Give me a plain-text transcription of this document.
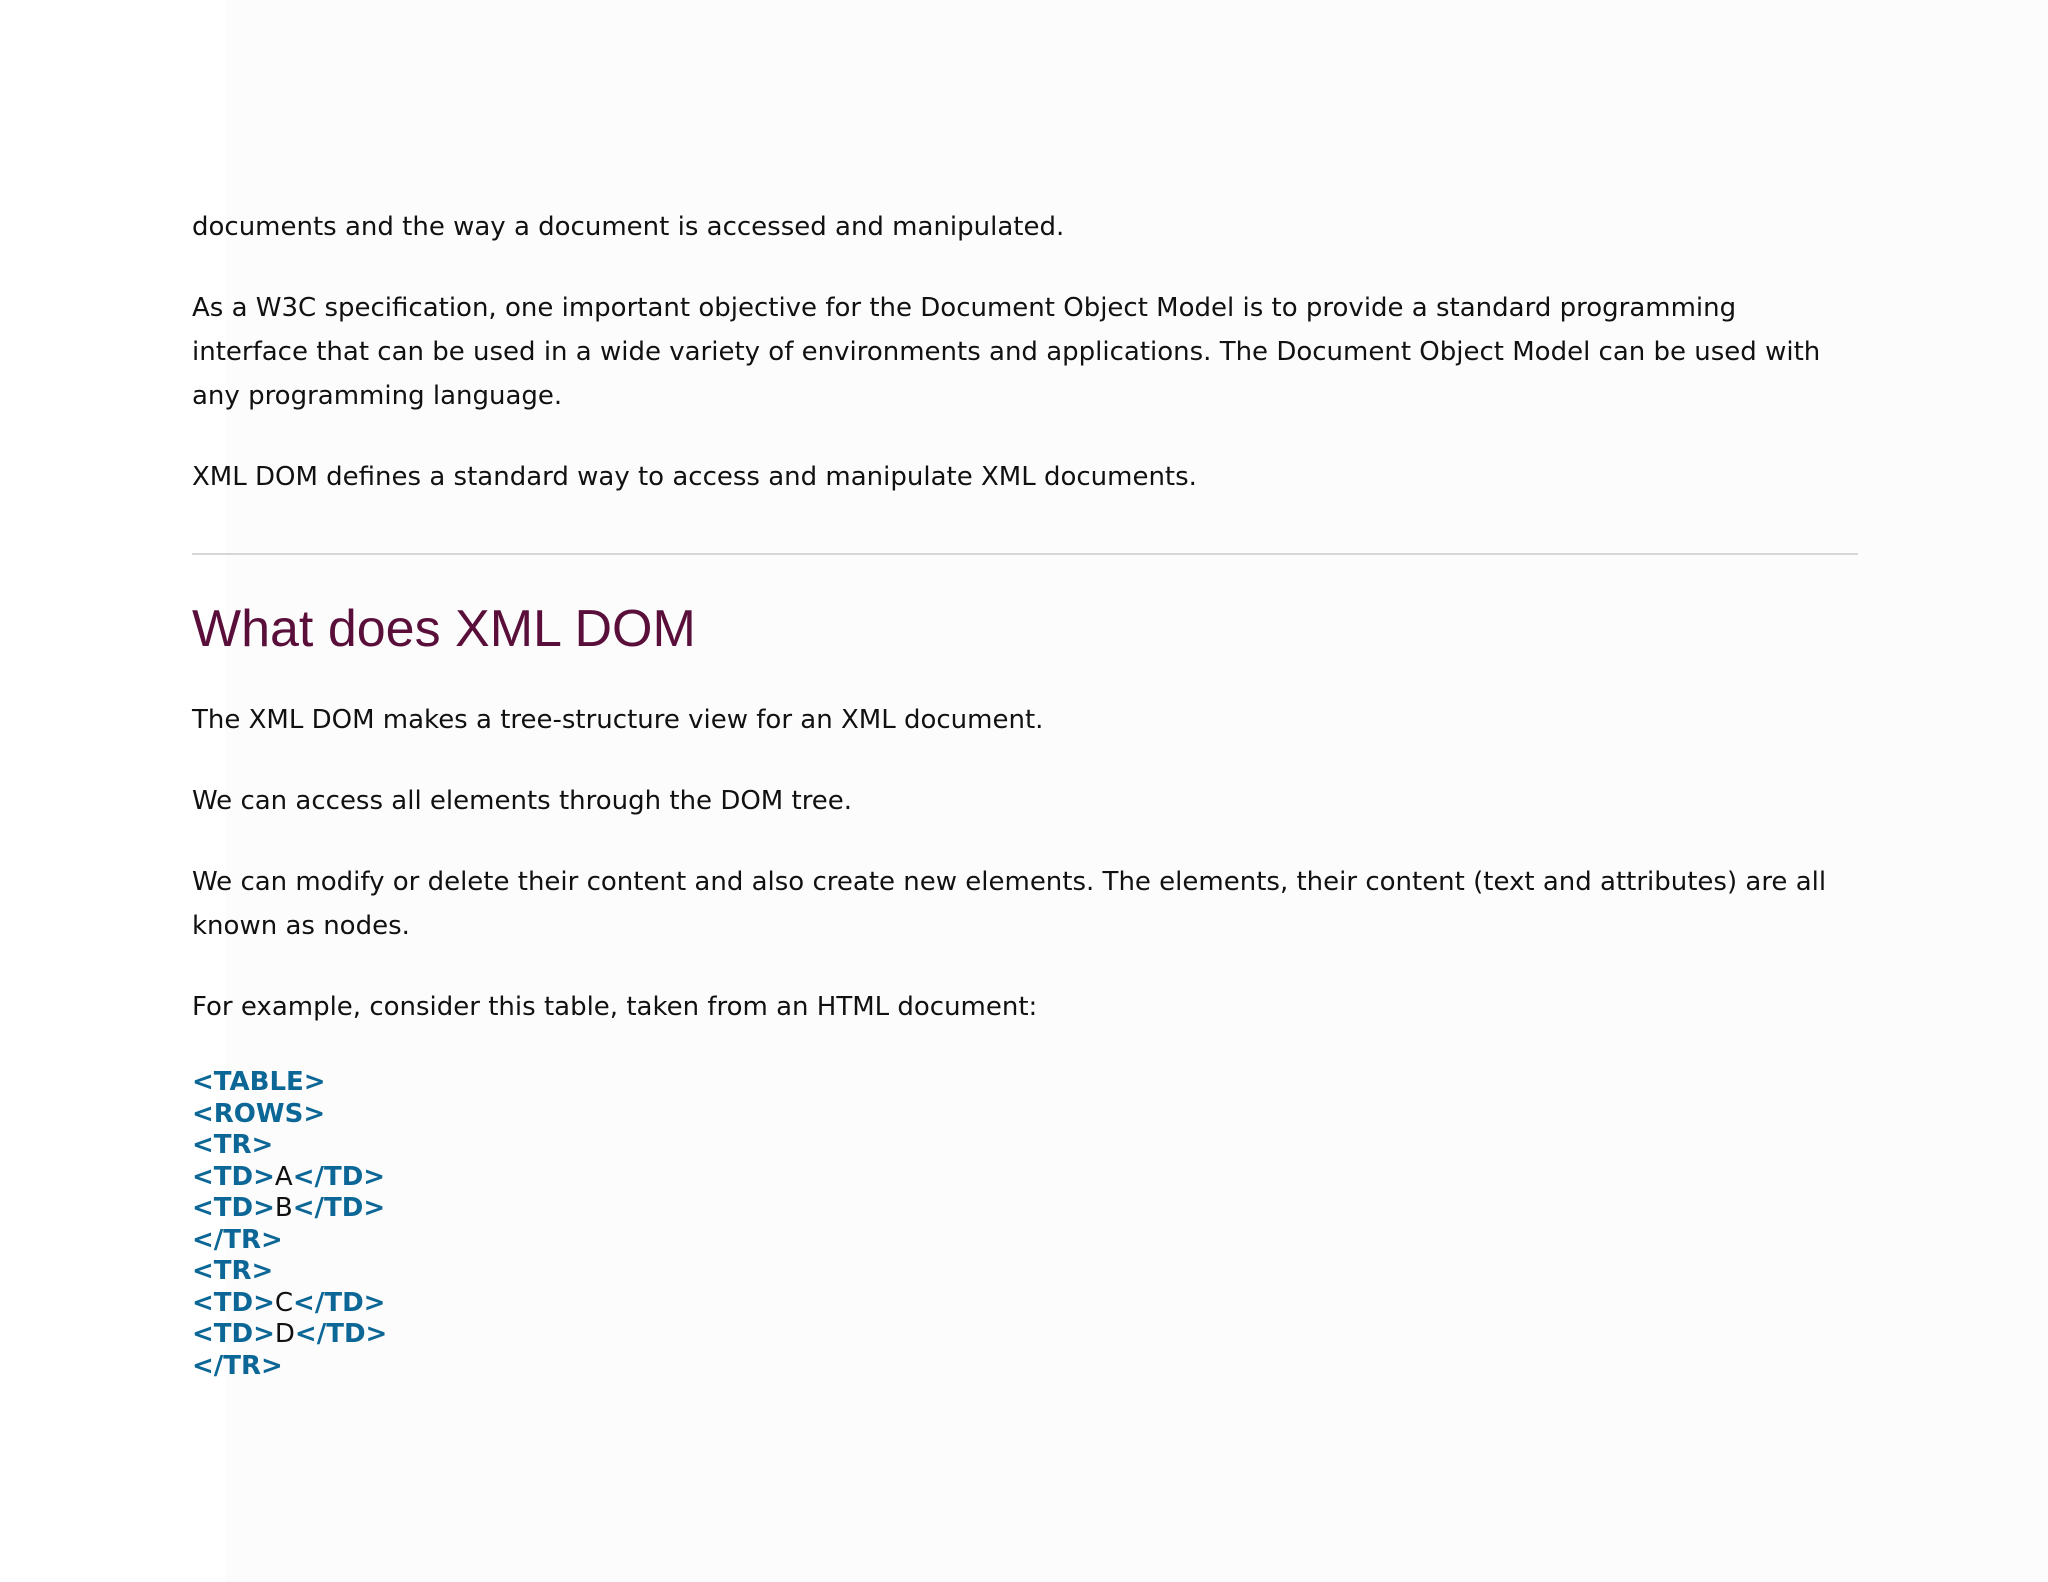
documents and the way a document is accessed and manipulated.

As a W3C specification, one important objective for the Document Object Model is to provide a standard programming interface that can be used in a wide variety of environments and applications. The Document Object Model can be used with any programming language.

XML DOM defines a standard way to access and manipulate XML documents.

What does XML DOM

The XML DOM makes a tree-structure view for an XML document.

We can access all elements through the DOM tree.

We can modify or delete their content and also create new elements. The elements, their content (text and attributes) are all known as nodes.

For example, consider this table, taken from an HTML document:

<TABLE>
<ROWS>
<TR>
<TD>A</TD>
<TD>B</TD>
</TR>
<TR>
<TD>C</TD>
<TD>D</TD>
</TR>
